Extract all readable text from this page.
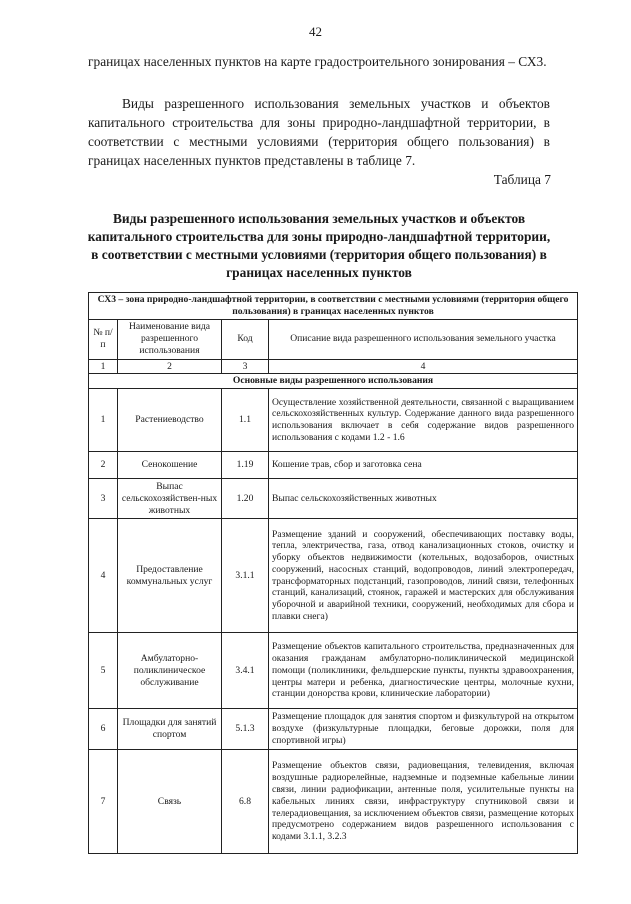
42

границах населенных пунктов на карте градостроительного зонирования – СХ3.

Виды разрешенного использования земельных участков и объектов капитального строительства для зоны природно-ландшафтной территории, в соответствии с местными условиями (территория общего пользования) в границах населенных пунктов представлены в таблице 7.

Таблица 7
Виды разрешенного использования земельных участков и объектов капитального строительства для зоны природно-ландшафтной территории, в соответствии с местными условиями (территория общего пользования) в границах населенных пунктов
СХ3 – зона природно-ландшафтной территории, в соответствии с местными условиями (территория общего пользования) в границах населенных пунктов			
№ п/п	Наименование вида разрешенного использования	Код	Описание вида разрешенного использования земельного участка
1	2	3	4
Основные виды разрешенного использования			
1	Растениеводство	1.1	Осуществление хозяйственной деятельности, связанной с выращиванием сельскохозяйственных культур. Содержание данного вида разрешенного использования включает в себя содержание видов разрешенного использования с кодами 1.2 - 1.6
2	Сенокошение	1.19	Кошение трав, сбор и заготовка сена
3	Выпас сельскохозяйствен-ных животных	1.20	Выпас сельскохозяйственных животных
4	Предоставление коммунальных услуг	3.1.1	Размещение зданий и сооружений, обеспечивающих поставку воды, тепла, электричества, газа, отвод канализационных стоков, очистку и уборку объектов недвижимости (котельных, водозаборов, очистных сооружений, насосных станций, водопроводов, линий электропередач, трансформаторных подстанций, газопроводов, линий связи, телефонных станций, канализаций, стоянок, гаражей и мастерских для обслуживания уборочной и аварийной техники, сооружений, необходимых для сбора и плавки снега)
5	Амбулаторно-поликлиническое обслуживание	3.4.1	Размещение объектов капитального строительства, предназначенных для оказания гражданам амбулаторно-поликлинической медицинской помощи (поликлиники, фельдшерские пункты, пункты здравоохранения, центры матери и ребенка, диагностические центры, молочные кухни, станции донорства крови, клинические лаборатории)
6	Площадки для занятий спортом	5.1.3	Размещение площадок для занятия спортом и физкультурой на открытом воздухе (физкультурные площадки, беговые дорожки, поля для спортивной игры)
7	Связь	6.8	Размещение объектов связи, радиовещания, телевидения, включая воздушные радиорелейные, надземные и подземные кабельные линии связи, линии радиофикации, антенные поля, усилительные пункты на кабельных линиях связи, инфраструктуру спутниковой связи и телерадиовещания, за исключением объектов связи, размещение которых предусмотрено содержанием видов разрешенного использования с кодами 3.1.1, 3.2.3
